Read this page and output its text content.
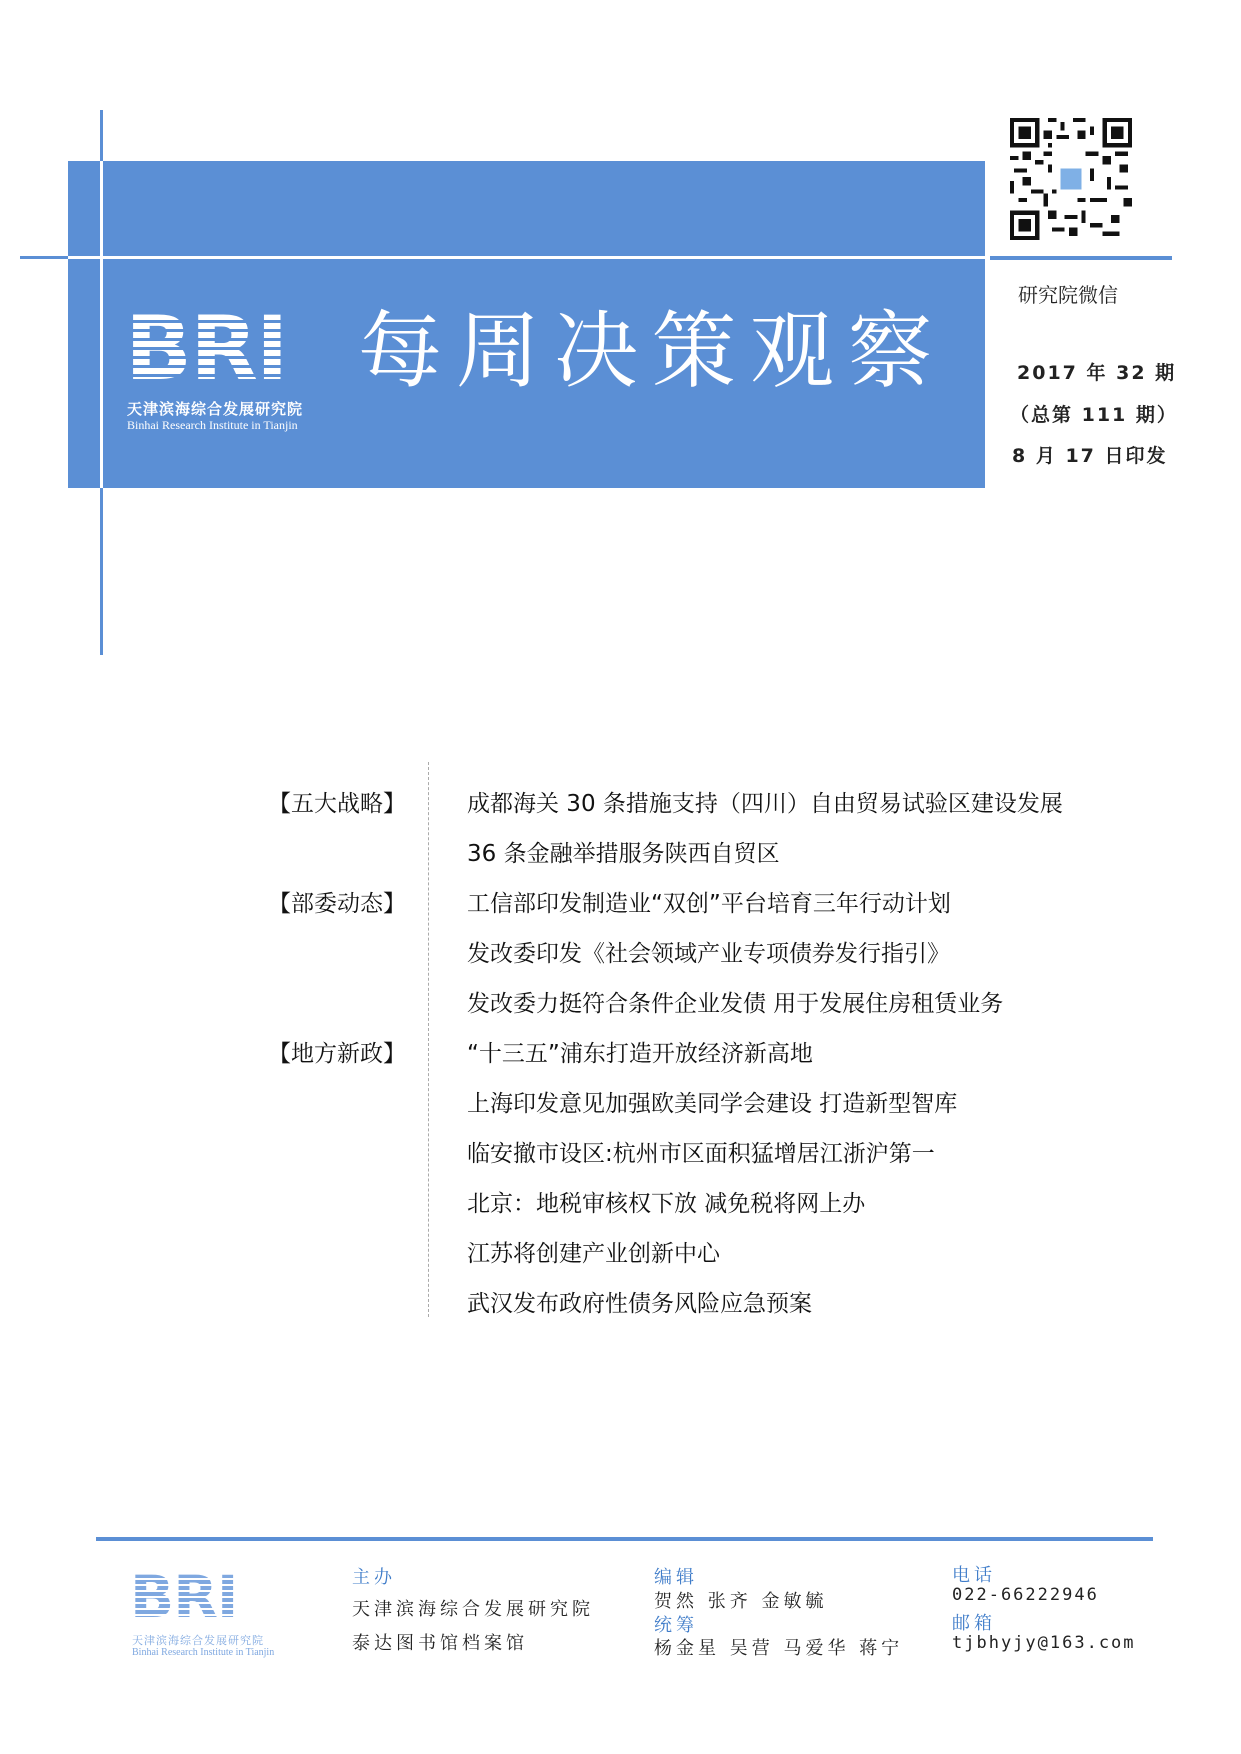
BRI
天津滨海综合发展研究院
Binhai Research Institute in Tianjin
每周决策观察
研究院微信
2017 年 32 期
（总第 111 期）
8 月 17 日印发
【五大战略】	成都海关 30 条措施支持（四川）自由贸易试验区建设发展
36 条金融举措服务陕西自贸区
【部委动态】	工信部印发制造业“双创”平台培育三年行动计划
发改委印发《社会领域产业专项债券发行指引》
发改委力挺符合条件企业发债 用于发展住房租赁业务
【地方新政】	“十三五”浦东打造开放经济新高地
上海印发意见加强欧美同学会建设 打造新型智库
临安撤市设区:杭州市区面积猛增居江浙沪第一
北京：地税审核权下放 减免税将网上办
江苏将创建产业创新中心
武汉发布政府性债务风险应急预案
BRI
天津滨海综合发展研究院
Binhai Research Institute in Tianjin
主办
天津滨海综合发展研究院
泰达图书馆档案馆
编辑
贺然 张齐 金敏毓
统筹
杨金星 吴营 马爱华 蒋宁
电话
022-66222946
邮箱
tjbhyjy@163.com
